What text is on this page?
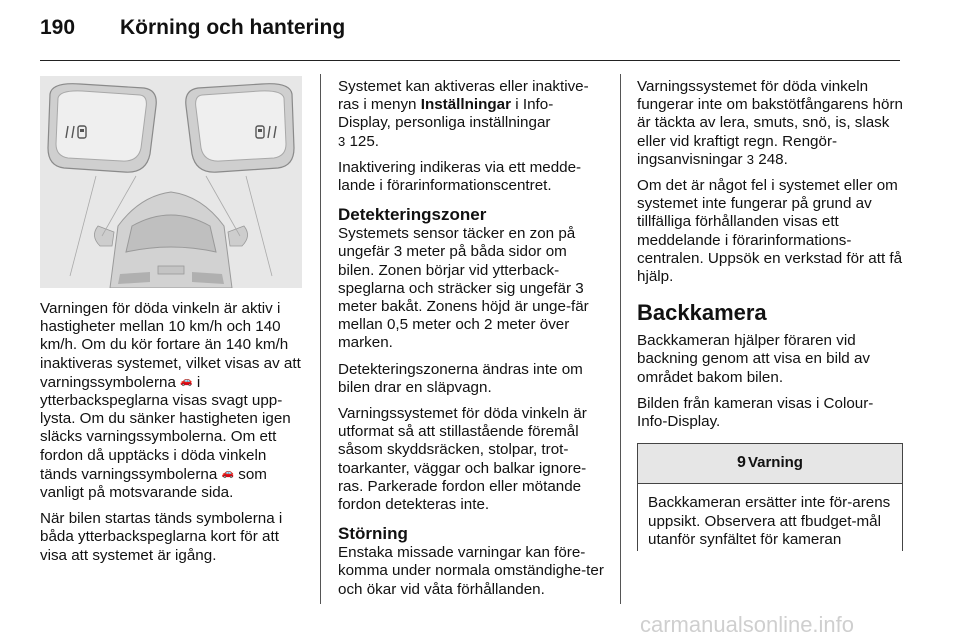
190	Körning och hantering

Varningen för döda vinkeln är aktiv i hastigheter mellan 10 km/h och 140 km/h. Om du kör fortare än 140 km/h inaktiveras systemet, vilket visas av att varningssymbolerna 🚗 i ytterbackspeglarna visas svagt upp-lysta. Om du sänker hastigheten igen släcks varningssymbolerna. Om ett fordon då upptäcks i döda vinkeln tänds varningssymbolerna 🚗 som vanligt på motsvarande sida.

När bilen startas tänds symbolerna i båda ytterbackspeglarna kort för att visa att systemet är igång.

Systemet kan aktiveras eller inaktive-ras i menyn Inställningar i Info-Display, personliga inställningar
3 125.

Inaktivering indikeras via ett medde-lande i förarinformationscentret.

Detekteringszoner

Systemets sensor täcker en zon på ungefär 3 meter på båda sidor om bilen. Zonen börjar vid ytterback-speglarna och sträcker sig ungefär 3 meter bakåt. Zonens höjd är unge-fär mellan 0,5 meter och 2 meter över marken.

Detekteringszonerna ändras inte om bilen drar en släpvagn.

Varningssystemet för döda vinkeln är utformat så att stillastående föremål såsom skyddsräcken, stolpar, trot-toarkanter, väggar och balkar ignore-ras. Parkerade fordon eller mötande fordon detekteras inte.

Störning

Enstaka missade varningar kan före-komma under normala omständighe-ter och ökar vid våta förhållanden.

Varningssystemet för döda vinkeln fungerar inte om bakstötfångarens hörn är täckta av lera, smuts, snö, is, slask eller vid kraftigt regn. Rengör-ingsanvisningar 3 248.

Om det är något fel i systemet eller om systemet inte fungerar på grund av tillfälliga förhållanden visas ett meddelande i förarinformations-centralen. Uppsök en verkstad för att få hjälp.

Backkamera

Backkameran hjälper föraren vid backning genom att visa en bild av området bakom bilen.

Bilden från kameran visas i Colour-Info-Display.

9 Varning
Backkameran ersätter inte för-arens uppsikt. Observera att fbudget-mål utanför synfältet för kameran
carmanualsonline.info
